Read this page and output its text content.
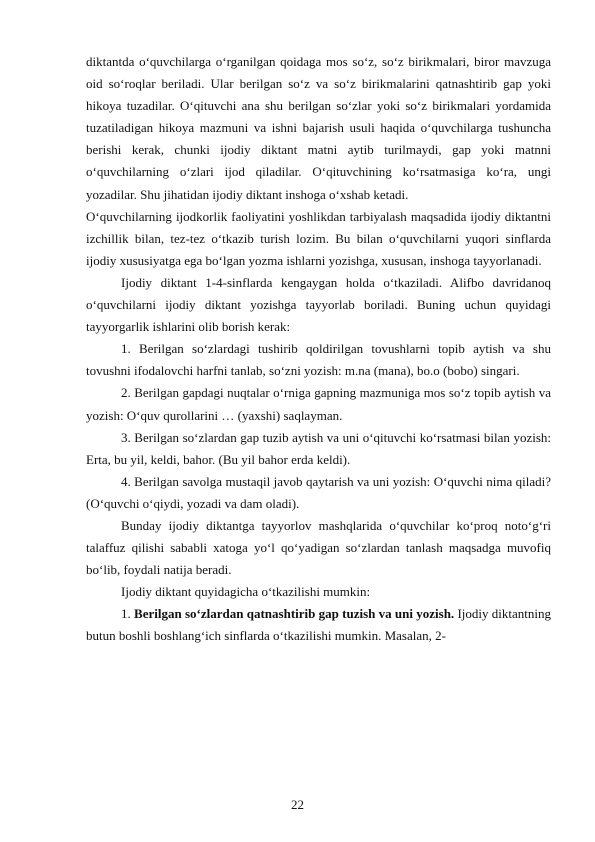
diktantda o‘quvchilarga o‘rganilgan qoidaga mos so‘z, so‘z birikmalari, biror mavzuga oid so‘roqlar beriladi. Ular berilgan so‘z va so‘z birikmalarini qatnashtirib gap yoki hikoya tuzadilar. O‘qituvchi ana shu berilgan so‘zlar yoki so‘z birikmalari yordamida tuzatiladigan hikoya mazmuni va ishni bajarish usuli haqida o‘quvchilarga tushuncha berishi kerak, chunki ijodiy diktant matni aytib turilmaydi, gap yoki matnni o‘quvchilarning o‘zlari ijod qiladilar. O‘qituvchining ko‘rsatmasiga ko‘ra, ungi yozadilar. Shu jihatidan ijodiy diktant inshoga o‘xshab ketadi.

O‘quvchilarning ijodkorlik faoliyatini yoshlikdan tarbiyalash maqsadida ijodiy diktantni izchillik bilan, tez-tez o‘tkazib turish lozim. Bu bilan o‘quvchilarni yuqori sinflarda ijodiy xususiyatga ega bo‘lgan yozma ishlarni yozishga, xususan, inshoga tayyorlanadi.

Ijodiy diktant 1-4-sinflarda kengaygan holda o‘tkaziladi. Alifbo davridanoq o‘quvchilarni ijodiy diktant yozishga tayyorlab boriladi. Buning uchun quyidagi tayyorgarlik ishlarini olib borish kerak:

1. Berilgan so‘zlardagi tushirib qoldirilgan tovushlarni topib aytish va shu tovushni ifodalovchi harfni tanlab, so‘zni yozish: m.na (mana), bo.o (bobo) singari.

2. Berilgan gapdagi nuqtalar o‘rniga gapning mazmuniga mos so‘z topib aytish va yozish: O‘quv qurollarini … (yaxshi) saqlayman.

3. Berilgan so‘zlardan gap tuzib aytish va uni o‘qituvchi ko‘rsatmasi bilan yozish: Erta, bu yil, keldi, bahor. (Bu yil bahor erda keldi).

4. Berilgan savolga mustaqil javob qaytarish va uni yozish: O‘quvchi nima qiladi? (O‘quvchi o‘qiydi, yozadi va dam oladi).

Bunday ijodiy diktantga tayyorlov mashqlarida o‘quvchilar ko‘proq noto‘g‘ri talaffuz qilishi sababli xatoga yo‘l qo‘yadigan so‘zlardan tanlash maqsadga muvofiq bo‘lib, foydali natija beradi.

Ijodiy diktant quyidagicha o‘tkazilishi mumkin:

1. Berilgan so‘zlardan qatnashtirib gap tuzish va uni yozish. Ijodiy diktantning butun boshli boshlang‘ich sinflarda o‘tkazilishi mumkin. Masalan, 2-

22
